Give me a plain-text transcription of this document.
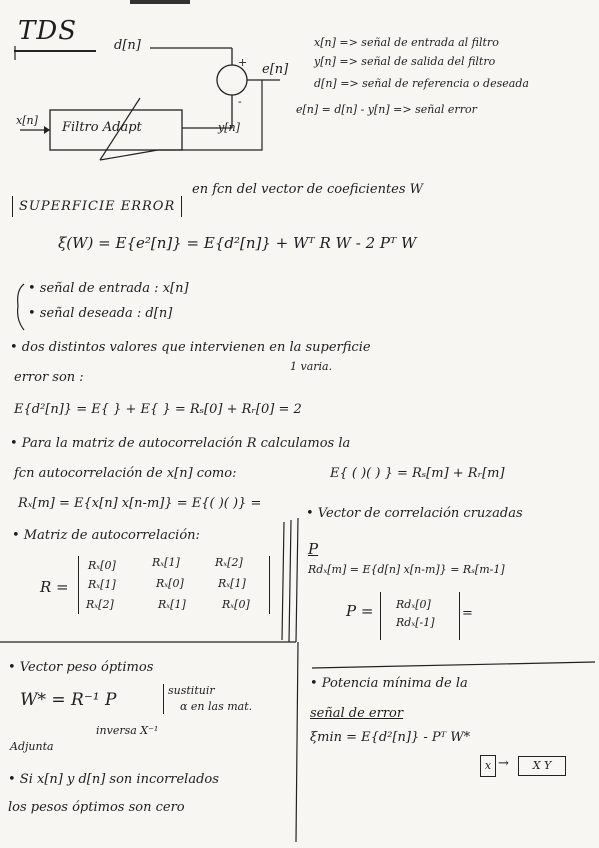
TDS	d[n]
+ e[n]
-
x[n] Filtro Adapt	y[n]
x[n] => señal de entrada al filtro
y[n] => señal de salida del filtro
d[n] => señal de referencia o deseada
e[n] = d[n] - y[n] => señal error
SUPERFICIE ERROR
en fcn del vector de coeficientes W
ξ(W) = E{e²[n]} = E{d²[n]} + Wᵀ R W - 2 Pᵀ W
• señal de entrada : x[n]
• señal deseada : d[n]
• dos distintos valores que intervienen en la superficie
error son :
1 varia.
E{d²[n]} = E{ } + E{ } = Rₛ[0] + Rᵣ[0] = 2
• Para la matriz de autocorrelación R calculamos la
fcn autocorrelación de x[n] como:
Rₓ[m] = E{x[n] x[n-m]} = E{( )( )} =
E{ ( )( ) } = Rₛ[m] + Rᵣ[m]
• Matriz de autocorrelación:
R =
Rₓ[0]	Rₓ[1]	Rₓ[2]
Rₓ[1]	Rₓ[0]	Rₓ[1]
Rₓ[2]	Rₓ[1]	Rₓ[0]
• Vector de correlación cruzadas
P
Rdₓ[m] = E{d[n] x[n-m]} = Rₛ[m-1]
P = Rdₓ[0]
Rdₓ[-1]
=
• Vector peso óptimos
W* = R⁻¹ P	sustituir
α en las mat.
Adjunta
inversa X⁻¹
• Si x[n] y d[n] son incorrelados
los pesos óptimos son cero
• Potencia mínima de la
señal de error
ξmin = E{d²[n]} - Pᵀ W*
x →	X Y
